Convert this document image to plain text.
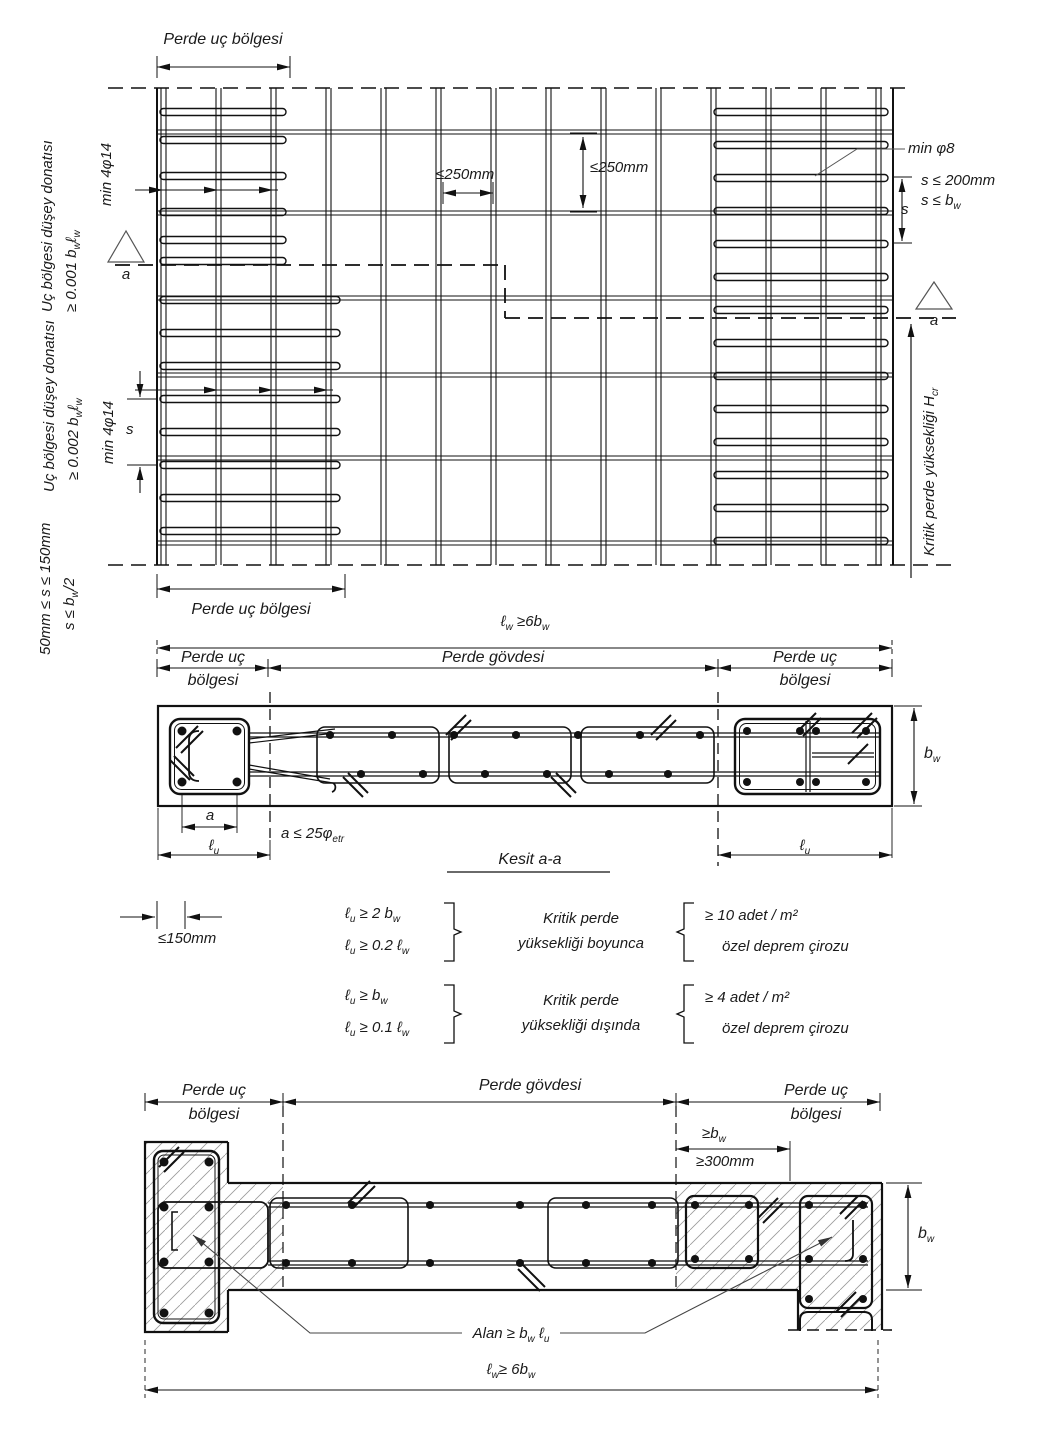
Perde uç bölgesi
Uç bölgesi düşey donatısı ≥ 0.001 $b_w\ell_w$
min 4φ14
a
Uç bölgesi düşey donatısı ≥ 0.002 $b_w\ell_w$ min 4φ14 s
50mm ≤ s ≤ 150mm $s \le b_w/2$
≤250mm	≤250mm
min φ8
s ≤ 200mm
$s \le b_w$
s
a
Kritik perde yüksekliği $H_{cr}$
Perde uç bölgesi
ℓ$_w$ $\ge 6b_w$
Perde uç
bölgesi
Perde gövdesi	Perde uç
bölgesi
$b_w$
a
$a \le 25\varphi_{etr}$
ℓ$_u$	ℓ$_u$
Kesit a-a
≤150mm
ℓ$_u$ ≥ 2 $b_w$
ℓ$_u$ ≥ 0.2 ℓ$_w$
Kritik perde
yüksekliği boyunca
≥ 10 adet / m²
özel deprem çirozu
ℓ$_u$ ≥ $b_w$
ℓ$_u$ ≥ 0.1 ℓ$_w$
Kritik perde
yüksekliği dışında
≥ 4 adet / m²
özel deprem çirozu
Perde uç
bölgesi
Perde gövdesi	Perde uç
bölgesi
$\ge b_w$
≥300mm
$b_w$
Alan ≥ $b_w$ ℓ$_u$
ℓ$_w$≥ $6b_w$
